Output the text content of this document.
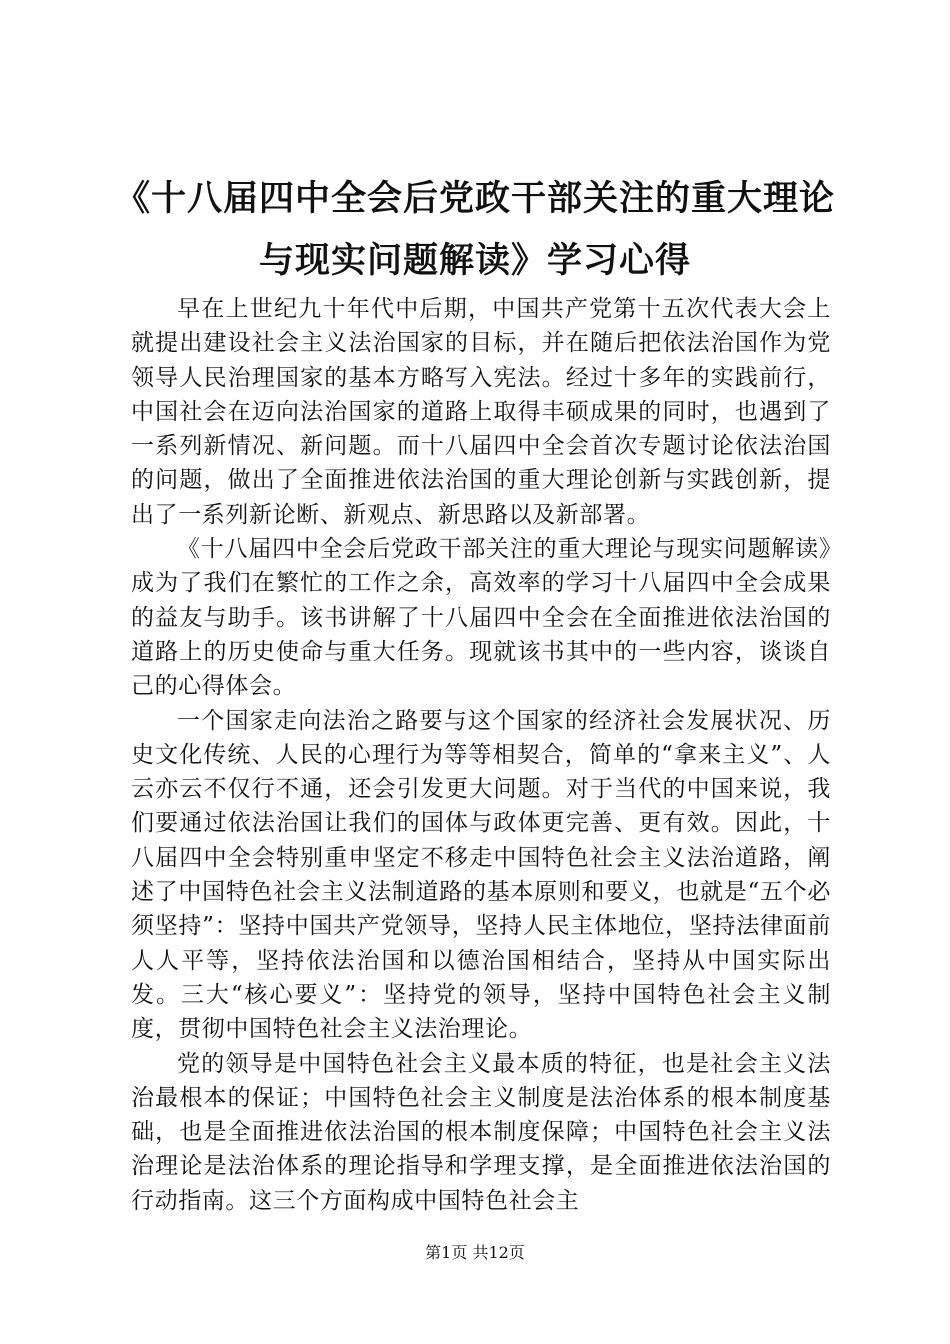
《十八届四中全会后党政干部关注的重大理论
与现实问题解读》学习心得

早在上世纪九十年代中后期，中国共产党第十五次代表大会上就提出建设社会主义法治国家的目标，并在随后把依法治国作为党领导人民治理国家的基本方略写入宪法。经过十多年的实践前行，中国社会在迈向法治国家的道路上取得丰硕成果的同时，也遇到了一系列新情况、新问题。而十八届四中全会首次专题讨论依法治国的问题，做出了全面推进依法治国的重大理论创新与实践创新，提出了一系列新论断、新观点、新思路以及新部署。

《十八届四中全会后党政干部关注的重大理论与现实问题解读》成为了我们在繁忙的工作之余，高效率的学习十八届四中全会成果的益友与助手。该书讲解了十八届四中全会在全面推进依法治国的道路上的历史使命与重大任务。现就该书其中的一些内容，谈谈自己的心得体会。

一个国家走向法治之路要与这个国家的经济社会发展状况、历史文化传统、人民的心理行为等等相契合，简单的“拿来主义”、人云亦云不仅行不通，还会引发更大问题。对于当代的中国来说，我们要通过依法治国让我们的国体与政体更完善、更有效。因此，十八届四中全会特别重申坚定不移走中国特色社会主义法治道路，阐述了中国特色社会主义法制道路的基本原则和要义，也就是“五个必须坚持”：坚持中国共产党领导，坚持人民主体地位，坚持法律面前人人平等，坚持依法治国和以德治国相结合，坚持从中国实际出发。三大“核心要义”：坚持党的领导，坚持中国特色社会主义制度，贯彻中国特色社会主义法治理论。

党的领导是中国特色社会主义最本质的特征，也是社会主义法治最根本的保证；中国特色社会主义制度是法治体系的根本制度基础，也是全面推进依法治国的根本制度保障；中国特色社会主义法治理论是法治体系的理论指导和学理支撑，是全面推进依法治国的行动指南。这三个方面构成中国特色社会主

第1页 共12页
